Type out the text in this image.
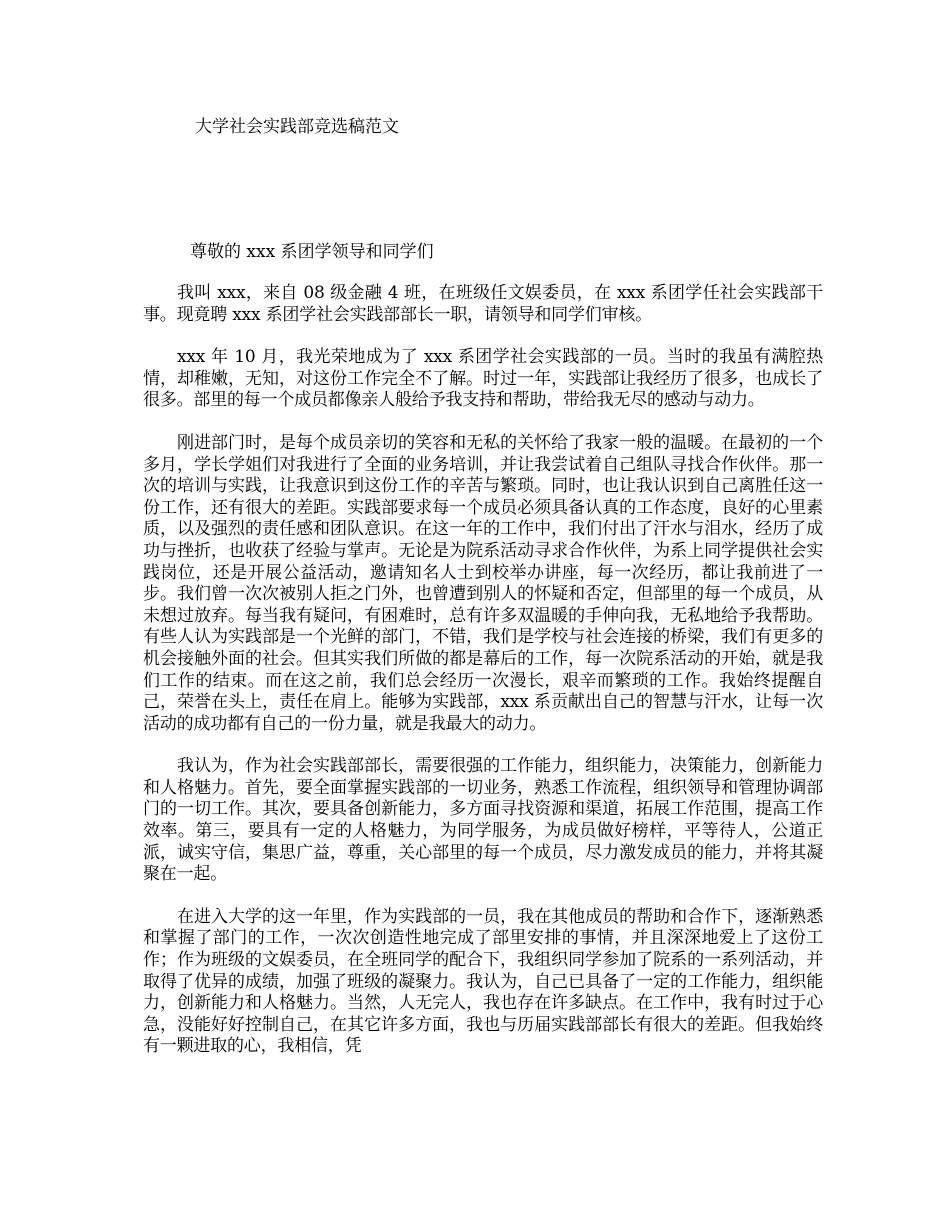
大学社会实践部竞选稿范文

尊敬的 xxx 系团学领导和同学们

我叫 xxx，来自 08 级金融 4 班，在班级任文娱委员，在 xxx 系团学任社会实践部干事。现竟聘 xxx 系团学社会实践部部长一职，请领导和同学们审核。

xxx 年 10 月，我光荣地成为了 xxx 系团学社会实践部的一员。当时的我虽有满腔热情，却稚嫩，无知，对这份工作完全不了解。时过一年，实践部让我经历了很多，也成长了很多。部里的每一个成员都像亲人般给予我支持和帮助，带给我无尽的感动与动力。

刚进部门时，是每个成员亲切的笑容和无私的关怀给了我家一般的温暖。在最初的一个多月，学长学姐们对我进行了全面的业务培训，并让我尝试着自己组队寻找合作伙伴。那一次的培训与实践，让我意识到这份工作的辛苦与繁琐。同时，也让我认识到自己离胜任这一份工作，还有很大的差距。实践部要求每一个成员必须具备认真的工作态度，良好的心里素质，以及强烈的责任感和团队意识。在这一年的工作中，我们付出了汗水与泪水，经历了成功与挫折，也收获了经验与掌声。无论是为院系活动寻求合作伙伴，为系上同学提供社会实践岗位，还是开展公益活动，邀请知名人士到校举办讲座，每一次经历，都让我前进了一步。我们曾一次次被别人拒之门外，也曾遭到别人的怀疑和否定，但部里的每一个成员，从未想过放弃。每当我有疑问，有困难时，总有许多双温暖的手伸向我，无私地给予我帮助。有些人认为实践部是一个光鲜的部门，不错，我们是学校与社会连接的桥梁，我们有更多的机会接触外面的社会。但其实我们所做的都是幕后的工作，每一次院系活动的开始，就是我们工作的结束。而在这之前，我们总会经历一次漫长，艰辛而繁琐的工作。我始终提醒自己，荣誉在头上，责任在肩上。能够为实践部，xxx 系贡献出自己的智慧与汗水，让每一次活动的成功都有自己的一份力量，就是我最大的动力。

我认为，作为社会实践部部长，需要很强的工作能力，组织能力，决策能力，创新能力和人格魅力。首先，要全面掌握实践部的一切业务，熟悉工作流程，组织领导和管理协调部门的一切工作。其次，要具备创新能力，多方面寻找资源和渠道，拓展工作范围，提高工作效率。第三，要具有一定的人格魅力，为同学服务，为成员做好榜样，平等待人，公道正派，诚实守信，集思广益，尊重，关心部里的每一个成员，尽力激发成员的能力，并将其凝聚在一起。

在进入大学的这一年里，作为实践部的一员，我在其他成员的帮助和合作下，逐渐熟悉和掌握了部门的工作，一次次创造性地完成了部里安排的事情，并且深深地爱上了这份工作；作为班级的文娱委员，在全班同学的配合下，我组织同学参加了院系的一系列活动，并取得了优异的成绩，加强了班级的凝聚力。我认为，自己已具备了一定的工作能力，组织能力，创新能力和人格魅力。当然，人无完人，我也存在许多缺点。在工作中，我有时过于心急，没能好好控制自己，在其它许多方面，我也与历届实践部部长有很大的差距。但我始终有一颗进取的心，我相信，凭
